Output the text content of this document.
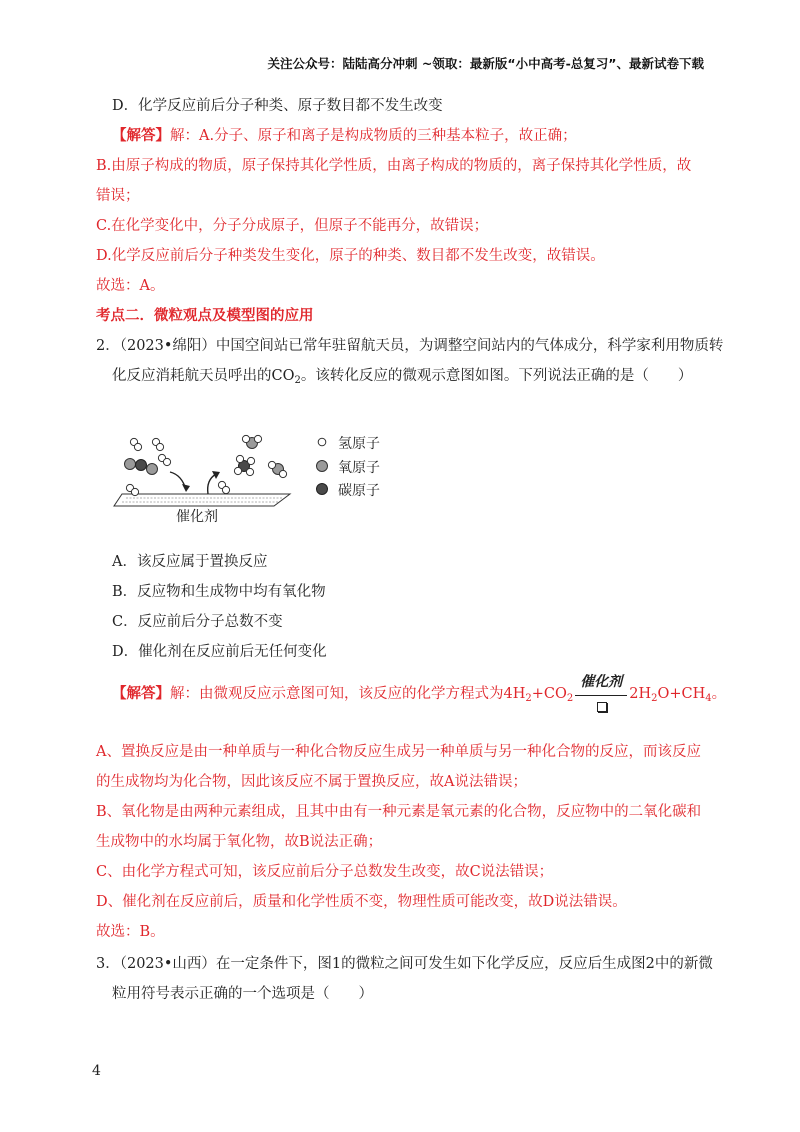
关注公众号：陆陆高分冲刺 ~领取：最新版“小中高考-总复习”、最新试卷下载
D．化学反应前后分子种类、原子数目都不发生改变
【解答】解：A.分子、原子和离子是构成物质的三种基本粒子，故正确；
B.由原子构成的物质，原子保持其化学性质，由离子构成的物质的，离子保持其化学性质，故
错误；
C.在化学变化中，分子分成原子，但原子不能再分，故错误；
D.化学反应前后分子种类发生变化，原子的种类、数目都不发生改变，故错误。
故选：A。
考点二．微粒观点及模型图的应用
2．（2023•绵阳）中国空间站已常年驻留航天员，为调整空间站内的气体成分，科学家利用物质转
化反应消耗航天员呼出的$CO_2$。该转化反应的微观示意图如图。下列说法正确的是（　　）
氢原子
氧原子
碳原子
催化剂
A．该反应属于置换反应
B．反应物和生成物中均有氧化物
C．反应前后分子总数不变
D．催化剂在反应前后无任何变化
【解答】解：由微观反应示意图可知，该反应的化学方程式为$4H_2+CO_2$
催化剂
$2H_2O+CH_4$。
A、置换反应是由一种单质与一种化合物反应生成另一种单质与另一种化合物的反应，而该反应
的生成物均为化合物，因此该反应不属于置换反应，故A说法错误；
B、氧化物是由两种元素组成，且其中由有一种元素是氧元素的化合物，反应物中的二氧化碳和
生成物中的水均属于氧化物，故B说法正确；
C、由化学方程式可知，该反应前后分子总数发生改变，故C说法错误；
D、催化剂在反应前后，质量和化学性质不变，物理性质可能改变，故D说法错误。
故选：B。
3．（2023•山西）在一定条件下，图1的微粒之间可发生如下化学反应，反应后生成图2中的新微
粒用符号表示正确的一个选项是（　　）
4
